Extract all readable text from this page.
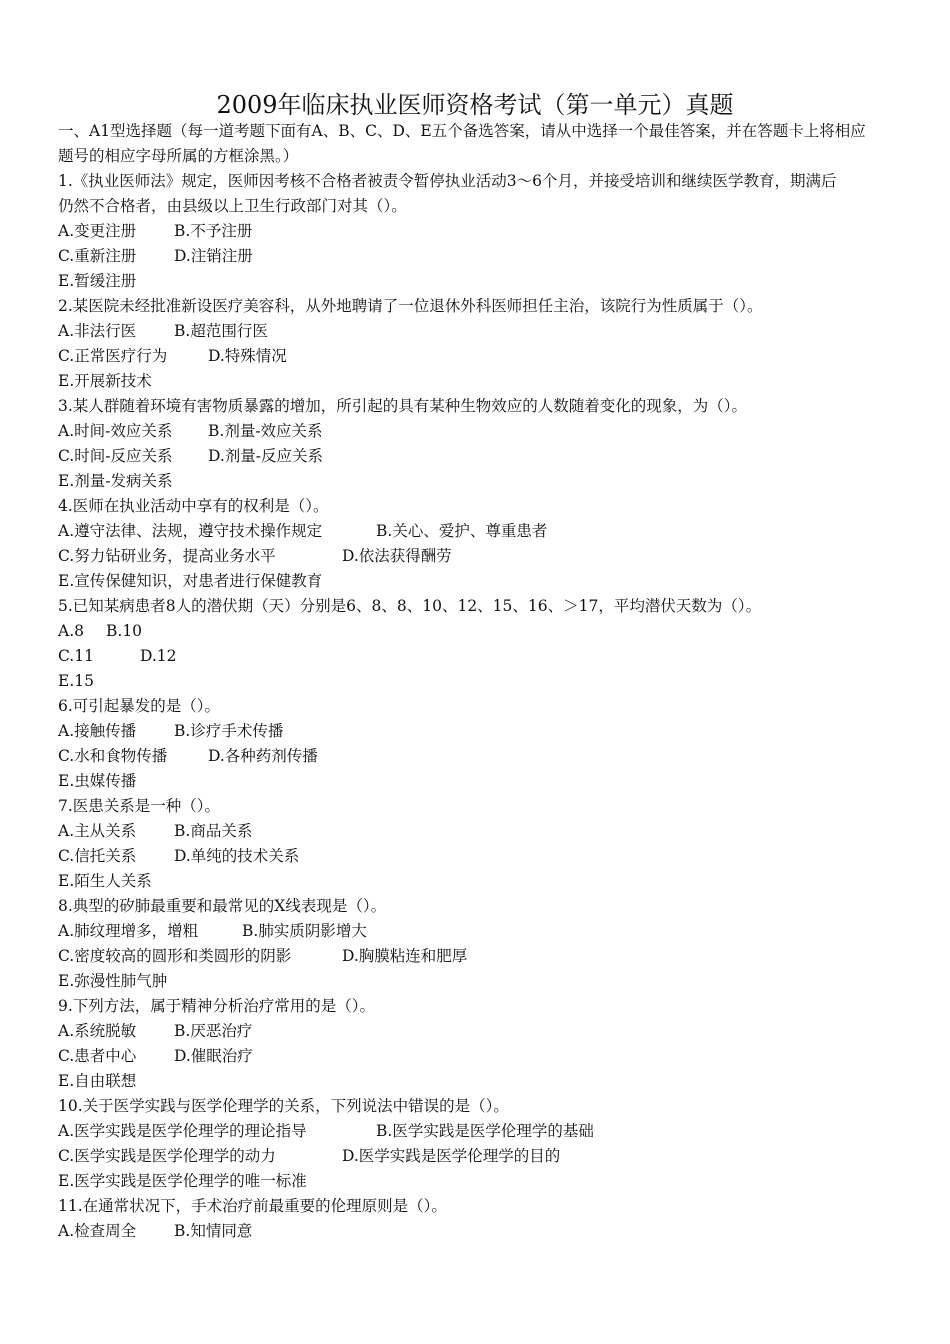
2009年临床执业医师资格考试（第一单元）真题
一、A1型选择题（每一道考题下面有A、B、C、D、E五个备选答案，请从中选择一个最佳答案，并在答题卡上将相应
题号的相应字母所属的方框涂黑。）
1.《执业医师法》规定，医师因考核不合格者被责令暂停执业活动3～6个月，并接受培训和继续医学教育，期满后
仍然不合格者，由县级以上卫生行政部门对其（）。
A.变更注册 B.不予注册
C.重新注册 D.注销注册
E.暂缓注册
2.某医院未经批准新设医疗美容科，从外地聘请了一位退休外科医师担任主治，该院行为性质属于（）。
A.非法行医 B.超范围行医
C.正常医疗行为	D.特殊情况
E.开展新技术
3.某人群随着环境有害物质暴露的增加，所引起的具有某种生物效应的人数随着变化的现象，为（）。
A.时间-效应关系 B.剂量-效应关系
C.时间-反应关系 D.剂量-反应关系
E.剂量-发病关系
4.医师在执业活动中享有的权利是（）。
A.遵守法律、法规，遵守技术操作规定	B.关心、爱护、尊重患者
C.努力钻研业务，提高业务水平	D.依法获得酬劳
E.宣传保健知识，对患者进行保健教育
5.已知某病患者8人的潜伏期（天）分别是6、8、8、10、12、15、16、＞17，平均潜伏天数为（）。
A.8 B.10
C.11	D.12
E.15
6.可引起暴发的是（）。
A.接触传播 B.诊疗手术传播
C.水和食物传播	D.各种药剂传播
E.虫媒传播
7.医患关系是一种（）。
A.主从关系 B.商品关系
C.信托关系 D.单纯的技术关系
E.陌生人关系
8.典型的矽肺最重要和最常见的X线表现是（）。
A.肺纹理增多，增粗	B.肺实质阴影增大
C.密度较高的圆形和类圆形的阴影	D.胸膜粘连和肥厚
E.弥漫性肺气肿
9.下列方法，属于精神分析治疗常用的是（）。
A.系统脱敏 B.厌恶治疗
C.患者中心 D.催眠治疗
E.自由联想
10.关于医学实践与医学伦理学的关系，下列说法中错误的是（）。
A.医学实践是医学伦理学的理论指导	B.医学实践是医学伦理学的基础
C.医学实践是医学伦理学的动力	D.医学实践是医学伦理学的目的
E.医学实践是医学伦理学的唯一标准
11.在通常状况下，手术治疗前最重要的伦理原则是（）。
A.检查周全 B.知情同意
